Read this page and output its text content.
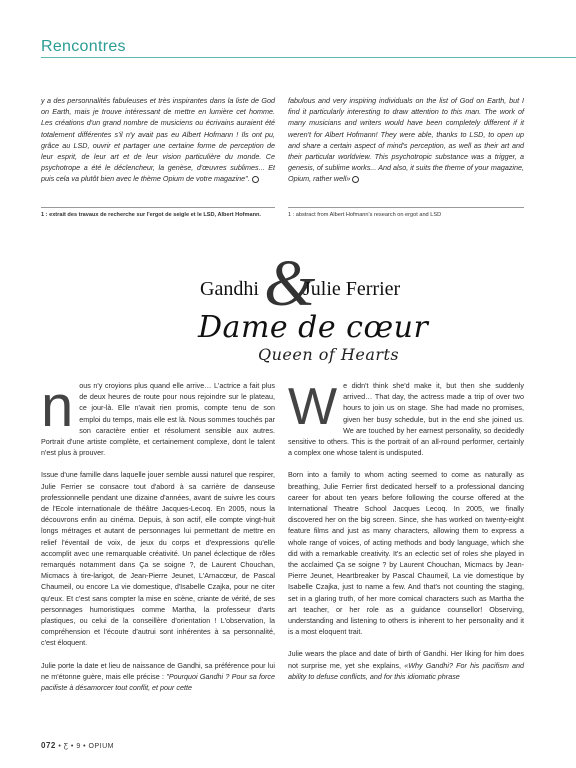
Rencontres

y a des personnalités fabuleuses et très inspirantes dans la liste de God on Earth, mais je trouve intéressant de mettre en lumière cet homme. Les créations d'un grand nombre de musiciens ou écrivains auraient été totalement différentes s'il n'y avait pas eu Albert Hofmann ! Ils ont pu, grâce au LSD, ouvrir et partager une certaine forme de perception de leur esprit, de leur art et de leur vision particulière du monde. Ce psychotrope a été le déclencheur, la genèse, d'œuvres sublimes... Et puis cela va plutôt bien avec le thème Opium de votre magazine".

fabulous and very inspiring individuals on the list of God on Earth, but I find it particularly interesting to draw attention to this man. The work of many musicians and writers would have been completely different if it weren't for Albert Hofmann! They were able, thanks to LSD, to open up and share a certain aspect of mind's perception, as well as their art and their particular worldview. This psychotropic substance was a trigger, a genesis, of sublime works... And also, it suits the theme of your magazine, Opium, rather well»

1 : extrait des travaux de recherche sur l'ergot de seigle et le LSD, Albert Hofmann.	1 : abstract from Albert Hofmann's research on ergot and LSD
Gandhi &
Julie Ferrier
Dame de cœur
Queen of Hearts

nous n'y croyions plus quand elle arrive… L'actrice a fait plus de deux heures de route pour nous rejoindre sur le plateau, ce jour-là. Elle n'avait rien promis, compte tenu de son emploi du temps, mais elle est là. Nous sommes touchés par son caractère entier et résolument sensible aux autres. Portrait d'une artiste complète, et certainement complexe, dont le talent n'est plus à prouver.

Issue d'une famille dans laquelle jouer semble aussi naturel que respirer, Julie Ferrier se consacre tout d'abord à sa carrière de danseuse professionnelle pendant une dizaine d'années, avant de suivre les cours de l'Ecole internationale de théâtre Jacques-Lecoq. En 2005, nous la découvrons enfin au cinéma. Depuis, à son actif, elle compte vingt-huit longs métrages et autant de personnages lui permettant de mettre en relief l'éventail de voix, de jeux du corps et d'expressions qu'elle accomplit avec une remarquable créativité. Un panel éclectique de rôles remarqués notamment dans Ça se soigne ?, de Laurent Chouchan, Micmacs à tire-larigot, de Jean-Pierre Jeunet, L'Arnacœur, de Pascal Chaumeil, ou encore La vie domestique, d'Isabelle Czajka, pour ne citer qu'eux. Et c'est sans compter la mise en scène, criante de vérité, de ses personnages humoristiques comme Martha, la professeur d'arts plastiques, ou celui de la conseillère d'orientation ! L'observation, la compréhension et l'écoute d'autrui sont inhérentes à sa personnalité, c'est éloquent.

Julie porte la date et lieu de naissance de Gandhi, sa préférence pour lui ne m'étonne guère, mais elle précise : "Pourquoi Gandhi ? Pour sa force pacifiste à désamorcer tout conflit, et pour cette

We didn't think she'd make it, but then she suddenly arrived… That day, the actress made a trip of over two hours to join us on stage. She had made no promises, given her busy schedule, but in the end she joined us. We are touched by her earnest personality, so decidedly sensitive to others. This is the portrait of an all-round performer, certainly a complex one whose talent is undisputed.

Born into a family to whom acting seemed to come as naturally as breathing, Julie Ferrier first dedicated herself to a professional dancing career for about ten years before following the course offered at the International Theatre School Jacques Lecoq. In 2005, we finally discovered her on the big screen. Since, she has worked on twenty-eight feature films and just as many characters, allowing them to express a whole range of voices, of acting methods and body language, which she did with a remarkable creativity. It's an eclectic set of roles she played in the acclaimed Ça se soigne ? by Laurent Chouchan, Micmacs by Jean-Pierre Jeunet, Heartbreaker by Pascal Chaumeil, La vie domestique by Isabelle Czajka, just to name a few. And that's not counting the staging, set in a glaring truth, of her more comical characters such as Martha the art teacher, or her role as a guidance counsellor! Observing, understanding and listening to others is inherent to her personality and it is a most eloquent trait.

Julie wears the place and date of birth of Gandhi. Her liking for him does not surprise me, yet she explains, «Why Gandhi? For his pacifism and ability to defuse conflicts, and for this idiomatic phrase

072 • Ƹ • 9 • OPIUM
